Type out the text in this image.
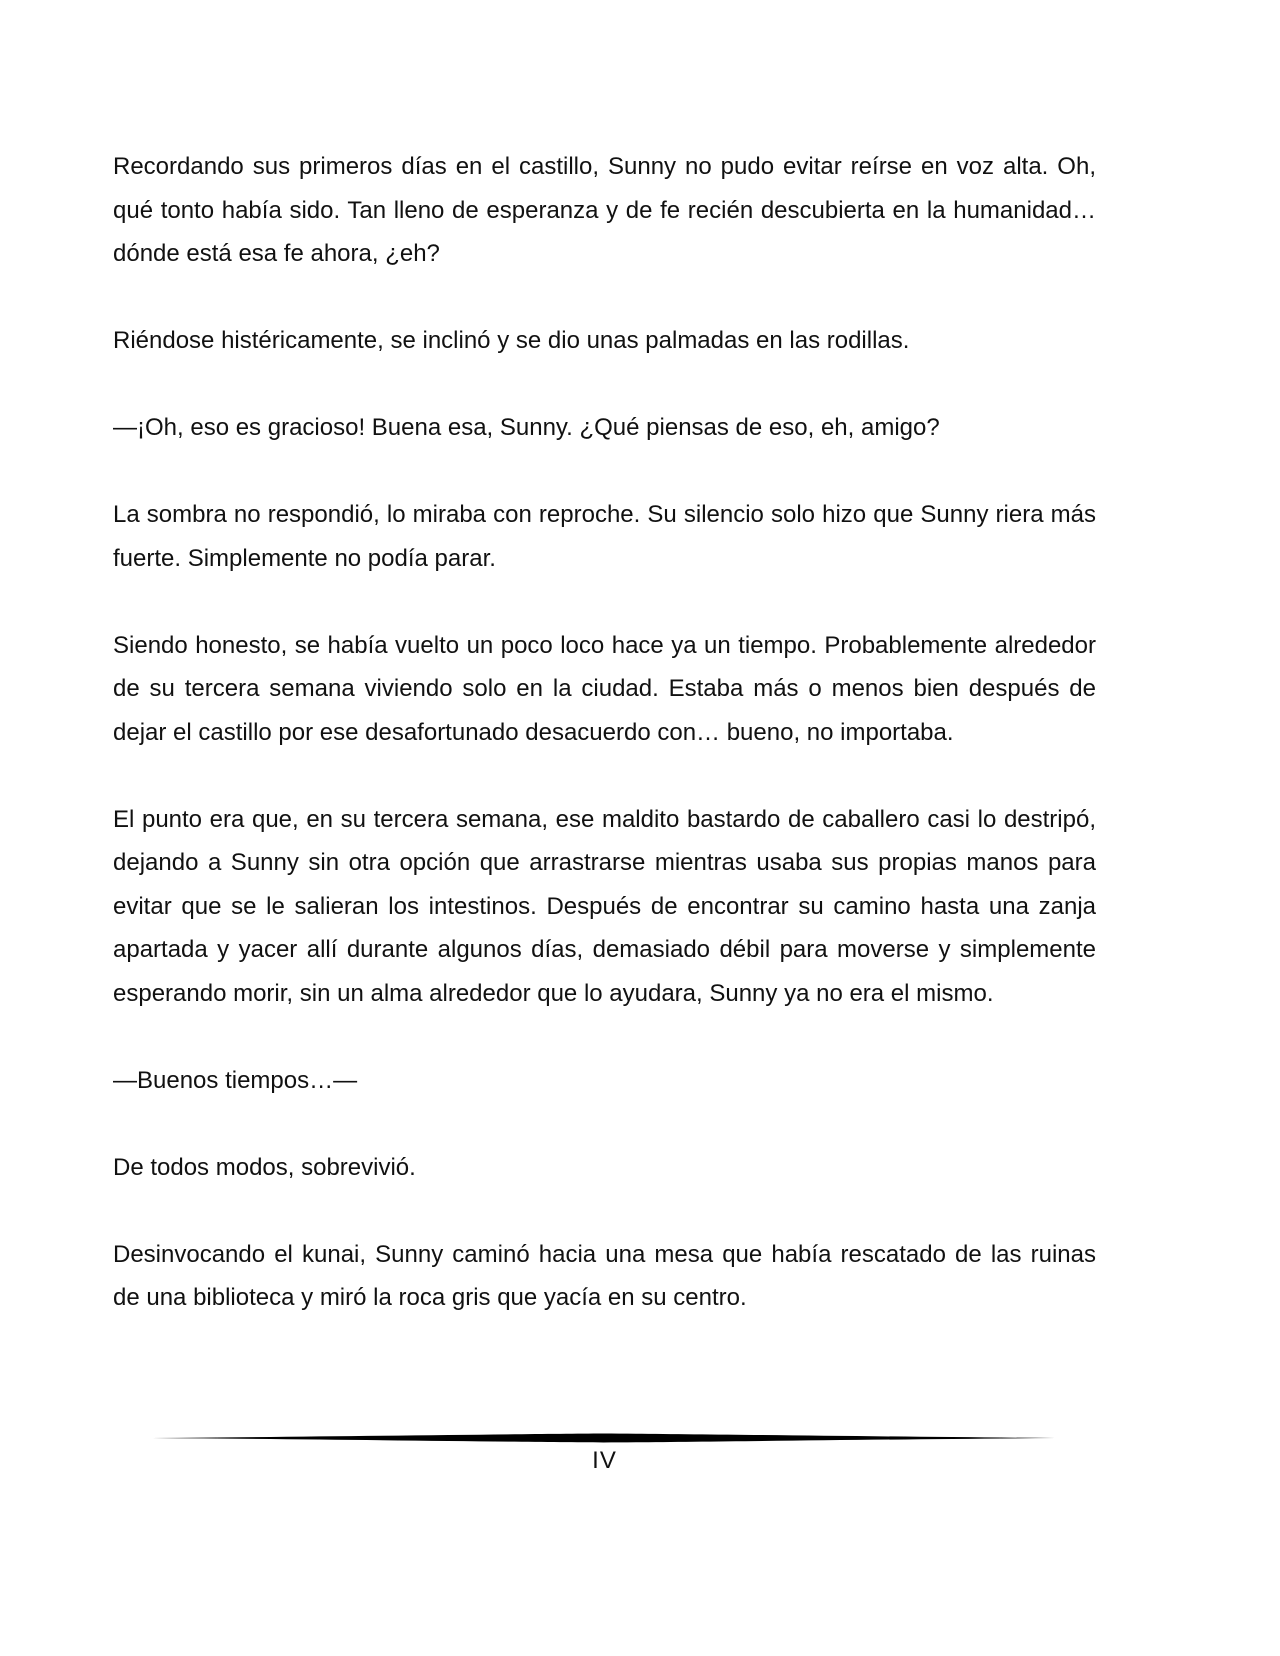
Recordando sus primeros días en el castillo, Sunny no pudo evitar reírse en voz alta. Oh, qué tonto había sido. Tan lleno de esperanza y de fe recién descubierta en la humanidad… dónde está esa fe ahora, ¿eh?

Riéndose histéricamente, se inclinó y se dio unas palmadas en las rodillas.

—¡Oh, eso es gracioso! Buena esa, Sunny. ¿Qué piensas de eso, eh, amigo?

La sombra no respondió, lo miraba con reproche. Su silencio solo hizo que Sunny riera más fuerte. Simplemente no podía parar.

Siendo honesto, se había vuelto un poco loco hace ya un tiempo. Probablemente alrededor de su tercera semana viviendo solo en la ciudad. Estaba más o menos bien después de dejar el castillo por ese desafortunado desacuerdo con… bueno, no importaba.

El punto era que, en su tercera semana, ese maldito bastardo de caballero casi lo destripó, dejando a Sunny sin otra opción que arrastrarse mientras usaba sus propias manos para evitar que se le salieran los intestinos. Después de encontrar su camino hasta una zanja apartada y yacer allí durante algunos días, demasiado débil para moverse y simplemente esperando morir, sin un alma alrededor que lo ayudara, Sunny ya no era el mismo.

—Buenos tiempos…—

De todos modos, sobrevivió.

Desinvocando el kunai, Sunny caminó hacia una mesa que había rescatado de las ruinas de una biblioteca y miró la roca gris que yacía en su centro.

IV
